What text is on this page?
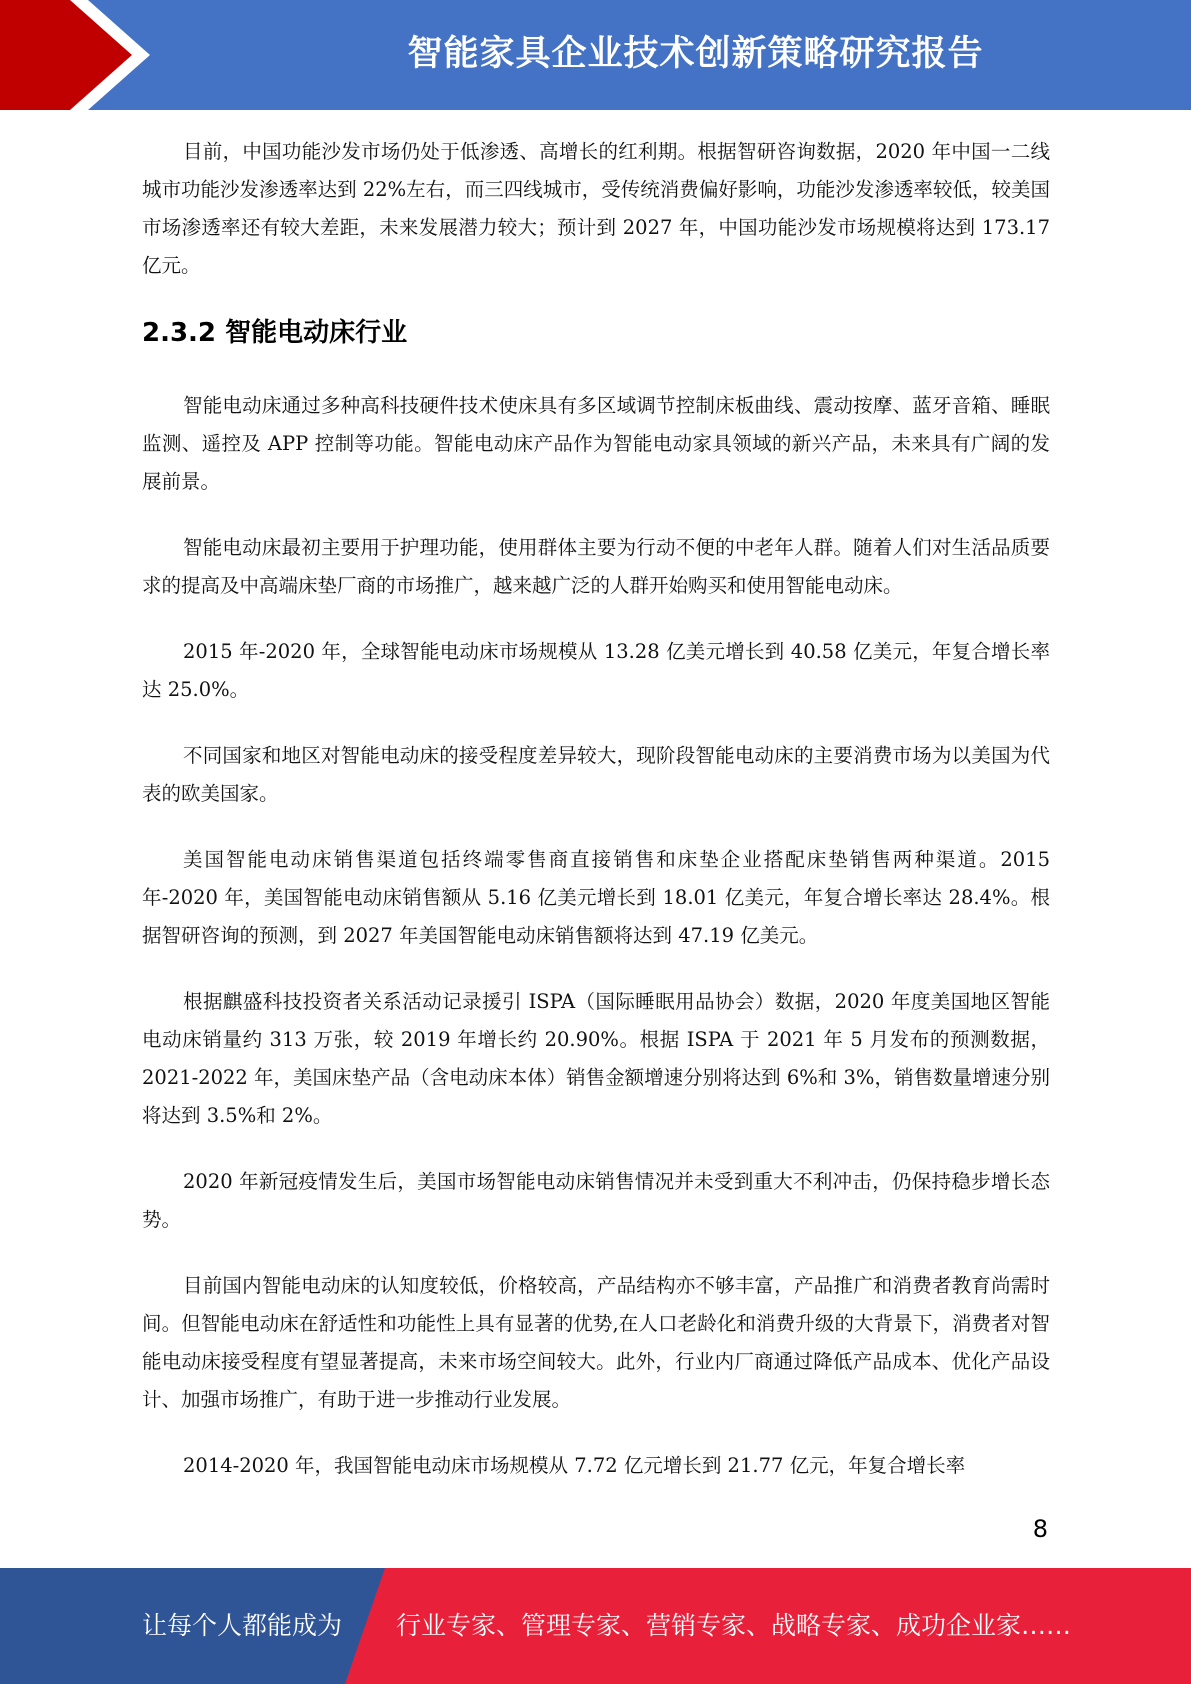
智能家具企业技术创新策略研究报告

目前，中国功能沙发市场仍处于低渗透、高增长的红利期。根据智研咨询数据，2020 年中国一二线城市功能沙发渗透率达到 22%左右，而三四线城市，受传统消费偏好影响，功能沙发渗透率较低，较美国市场渗透率还有较大差距，未来发展潜力较大；预计到 2027 年，中国功能沙发市场规模将达到 173.17 亿元。

2.3.2 智能电动床行业

智能电动床通过多种高科技硬件技术使床具有多区域调节控制床板曲线、震动按摩、蓝牙音箱、睡眠监测、遥控及 APP 控制等功能。智能电动床产品作为智能电动家具领域的新兴产品，未来具有广阔的发展前景。

智能电动床最初主要用于护理功能，使用群体主要为行动不便的中老年人群。随着人们对生活品质要求的提高及中高端床垫厂商的市场推广，越来越广泛的人群开始购买和使用智能电动床。

2015 年-2020 年，全球智能电动床市场规模从 13.28 亿美元增长到 40.58 亿美元，年复合增长率达 25.0%。

不同国家和地区对智能电动床的接受程度差异较大，现阶段智能电动床的主要消费市场为以美国为代表的欧美国家。

美国智能电动床销售渠道包括终端零售商直接销售和床垫企业搭配床垫销售两种渠道。2015 年-2020 年，美国智能电动床销售额从 5.16 亿美元增长到 18.01 亿美元，年复合增长率达 28.4%。根据智研咨询的预测，到 2027 年美国智能电动床销售额将达到 47.19 亿美元。

根据麒盛科技投资者关系活动记录援引 ISPA（国际睡眠用品协会）数据，2020 年度美国地区智能电动床销量约 313 万张，较 2019 年增长约 20.90%。根据 ISPA 于 2021 年 5 月发布的预测数据，2021-2022 年，美国床垫产品（含电动床本体）销售金额增速分别将达到 6%和 3%，销售数量增速分别将达到 3.5%和 2%。

2020 年新冠疫情发生后，美国市场智能电动床销售情况并未受到重大不利冲击，仍保持稳步增长态势。

目前国内智能电动床的认知度较低，价格较高，产品结构亦不够丰富，产品推广和消费者教育尚需时间。但智能电动床在舒适性和功能性上具有显著的优势,在人口老龄化和消费升级的大背景下，消费者对智能电动床接受程度有望显著提高，未来市场空间较大。此外，行业内厂商通过降低产品成本、优化产品设计、加强市场推广，有助于进一步推动行业发展。

2014-2020 年，我国智能电动床市场规模从 7.72 亿元增长到 21.77 亿元，年复合增长率

8
让每个人都能成为 行业专家、管理专家、营销专家、战略专家、成功企业家……
